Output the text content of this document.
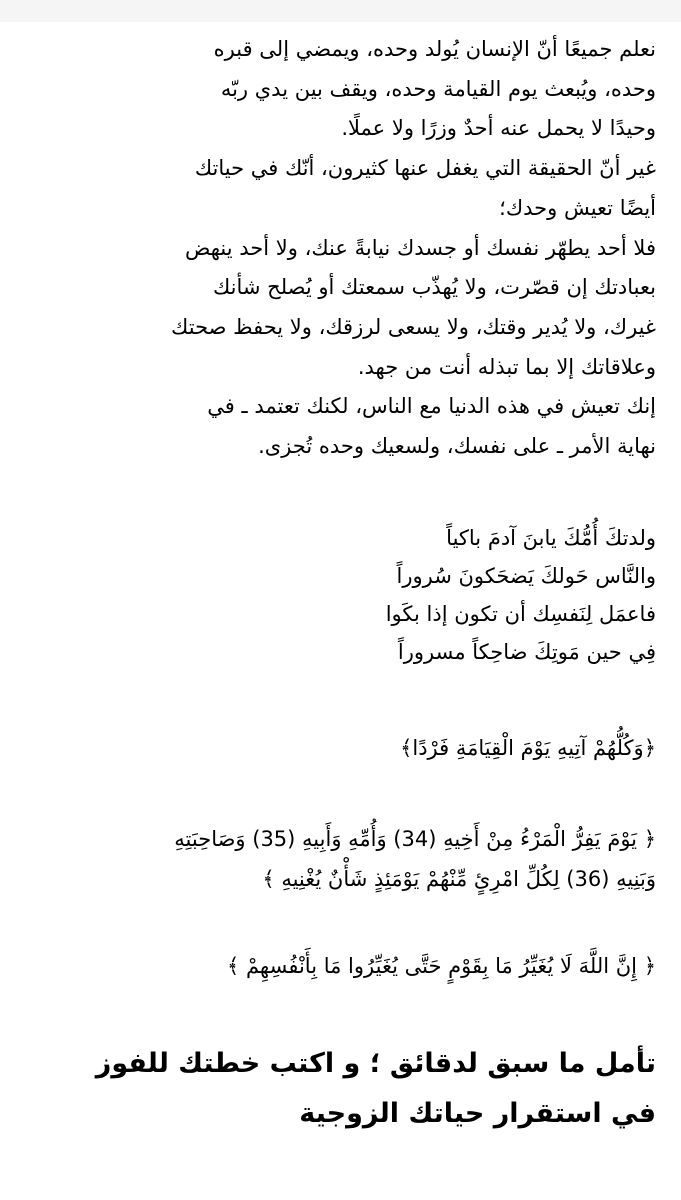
نعلم جميعًا أنّ الإنسان يُولد وحده، ويمضي إلى قبره

وحده، ويُبعث يوم القيامة وحده، ويقف بين يدي ربّه

وحيدًا لا يحمل عنه أحدٌ وزرًا ولا عملًا.

غير أنّ الحقيقة التي يغفل عنها كثيرون، أنّك في حياتك

أيضًا تعيش وحدك؛

فلا أحد يطهّر نفسك أو جسدك نيابةً عنك، ولا أحد ينهض

بعبادتك إن قصّرت، ولا يُهذّب سمعتك أو يُصلح شأنك

غيرك، ولا يُدير وقتك، ولا يسعى لرزقك، ولا يحفظ صحتك

وعلاقاتك إلا بما تبذله أنت من جهد.

إنك تعيش في هذه الدنيا مع الناس، لكنك تعتمد ـ في

نهاية الأمر ـ على نفسك، ولسعيك وحده تُجزى.

ولدتكَ أُمُّكَ يابنَ آدمَ باكياً

والنَّاس حَولكَ يَضحَكونَ سُروراً

فاعمَل لِنَفسِك أن تكون إذا بكَوا

فِي حين مَوتِكَ ضاحِكاً مسروراً

﴿وَكُلُّهُمْ آتِيهِ يَوْمَ الْقِيَامَةِ فَرْدًا﴾

﴿ يَوْمَ يَفِرُّ الْمَرْءُ مِنْ أَخِيهِ (34) وَأُمِّهِ وَأَبِيهِ (35) وَصَاحِبَتِهِ

وَبَنِيهِ (36) لِكُلِّ امْرِئٍ مِّنْهُمْ يَوْمَئِذٍ شَأْنٌ يُغْنِيهِ ﴾

﴿ إِنَّ اللَّهَ لَا يُغَيِّرُ مَا بِقَوْمٍ حَتَّى يُغَيِّرُوا مَا بِأَنْفُسِهِمْ ﴾

تأمل ما سبق لدقائق ؛ و اكتب خطتك للفوز

في استقرار حياتك الزوجية
